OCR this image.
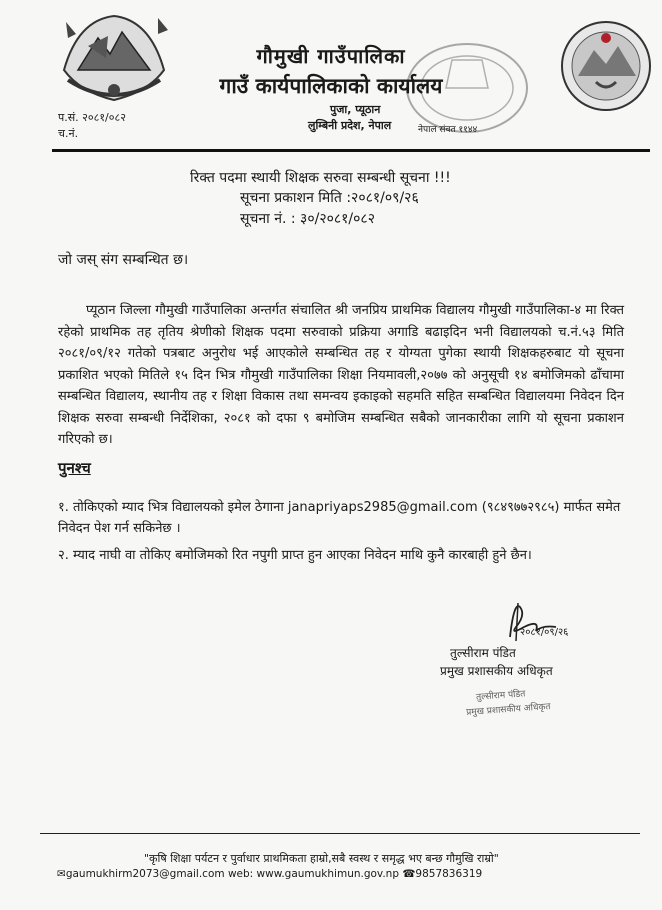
गौमुखी गाउँपालिका
गाउँ कार्यपालिकाको कार्यालय
पुजा, प्यूठान
लुम्बिनी प्रदेश, नेपाल
प.सं. २०८१/०८२
च.नं.	नेपाल संवत ११४४
रिक्त पदमा स्थायी शिक्षक सरुवा सम्बन्धी सूचना !!!
सूचना प्रकाशन मिति :२०८१/०९/२६
सूचना नं. : ३०/२०८१/०८२
जो जस् संग सम्बन्धित छ।
प्यूठान जिल्ला गौमुखी गाउँपालिका अन्तर्गत संचालित श्री जनप्रिय प्राथमिक विद्यालय गौमुखी गाउँपालिका-४ मा रिक्त रहेको प्राथमिक तह तृतिय श्रेणीको शिक्षक पदमा सरुवाको प्रक्रिया अगाडि बढाइदिन भनी विद्यालयको च.नं.५३ मिति २०८१/०९/१२ गतेको पत्रबाट अनुरोध भई आएकोले सम्बन्धित तह र योग्यता पुगेका स्थायी शिक्षकहरुबाट यो सूचना प्रकाशित भएको मितिले १५ दिन भित्र गौमुखी गाउँपालिका शिक्षा नियमावली,२०७७ को अनुसूची १४ बमोजिमको ढाँचामा सम्बन्धित विद्यालय, स्थानीय तह र शिक्षा विकास तथा समन्वय इकाइको सहमति सहित सम्बन्धित विद्यालयमा निवेदन दिन शिक्षक सरुवा सम्बन्धी निर्देशिका, २०८१ को दफा ९ बमोजिम सम्बन्धित सबैको जानकारीका लागि यो सूचना प्रकाशन गरिएको छ।
पुनश्च
१. तोकिएको म्याद भित्र विद्यालयको इमेल ठेगाना janapriyaps2985@gmail.com (९८४९७७२९८५) मार्फत समेत निवेदन पेश गर्न सकिनेछ ।
२. म्याद नाघी वा तोकिए बमोजिमको रित नपुगी प्राप्त हुन आएका निवेदन माथि कुनै कारबाही हुने छैन।
२०८१/०९/२६
तुल्सीराम पंडित
प्रमुख प्रशासकीय अधिकृत
तुल्सीराम पंडित
प्रमुख प्रशासकीय अधिकृत
"कृषि शिक्षा पर्यटन र पुर्वाधार प्राथमिकता हाम्रो,सबै स्वस्थ र समृद्ध भए बन्छ गौमुखि राम्रो"
✉gaumukhirm2073@gmail.com web: www.gaumukhimun.gov.np ☎9857836319
